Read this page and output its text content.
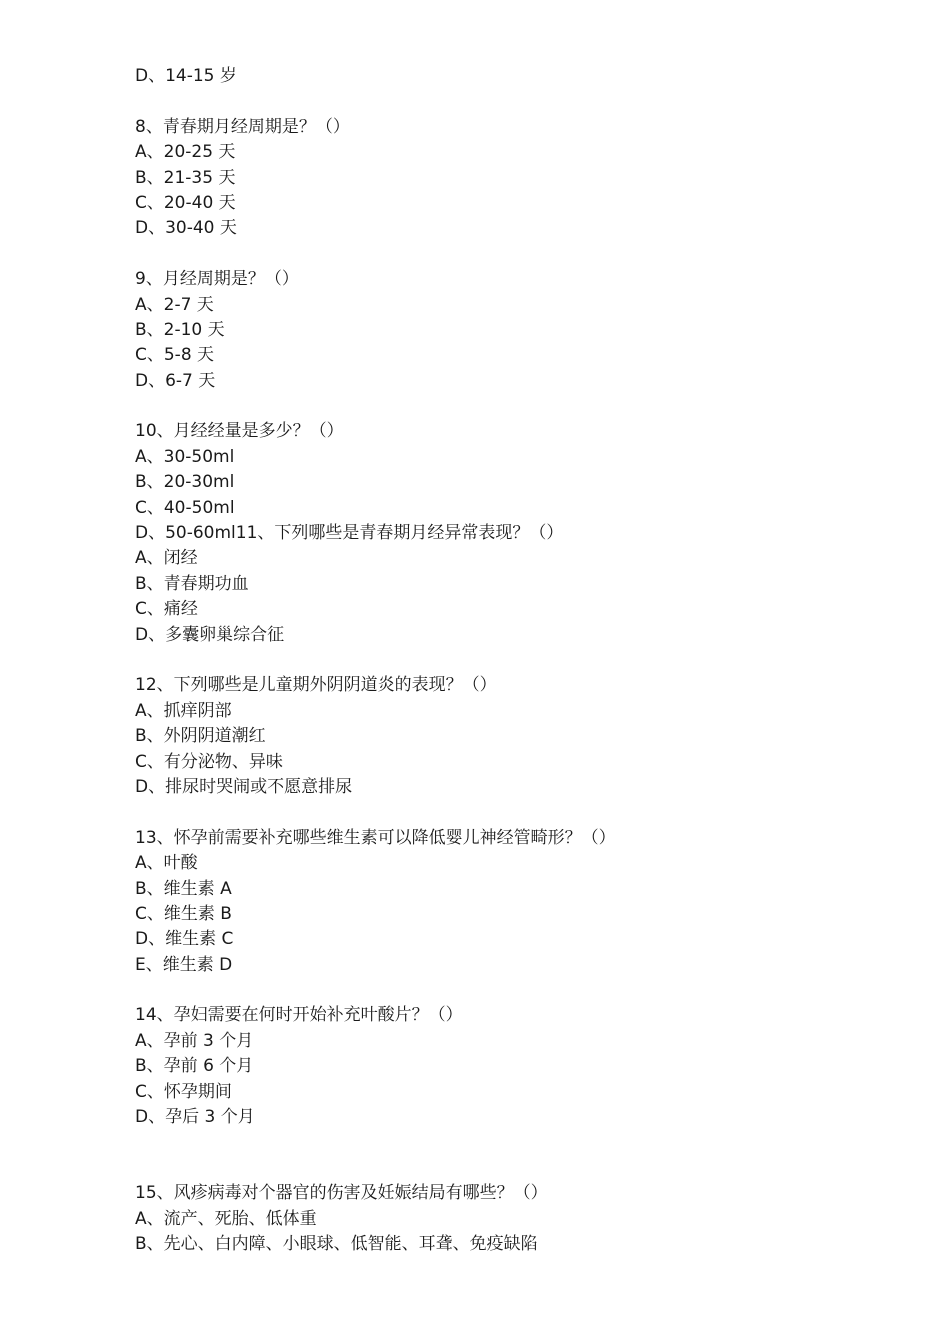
D、14-15 岁
8、青春期月经周期是？（）
A、20-25 天
B、21-35 天
C、20-40 天
D、30-40 天
9、月经周期是？（）
A、2-7 天
B、2-10 天
C、5-8 天
D、6-7 天
10、月经经量是多少？（）
A、30-50ml
B、20-30ml
C、40-50ml
D、50-60ml11、下列哪些是青春期月经异常表现？（）
A、闭经
B、青春期功血
C、痛经
D、多囊卵巢综合征
12、下列哪些是儿童期外阴阴道炎的表现？（）
A、抓痒阴部
B、外阴阴道潮红
C、有分泌物、异味
D、排尿时哭闹或不愿意排尿
13、怀孕前需要补充哪些维生素可以降低婴儿神经管畸形？（）
A、叶酸
B、维生素 A
C、维生素 B
D、维生素 C
E、维生素 D
14、孕妇需要在何时开始补充叶酸片？（）
A、孕前 3 个月
B、孕前 6 个月
C、怀孕期间
D、孕后 3 个月
15、风疹病毒对个器官的伤害及妊娠结局有哪些？（）
A、流产、死胎、低体重
B、先心、白内障、小眼球、低智能、耳聋、免疫缺陷
